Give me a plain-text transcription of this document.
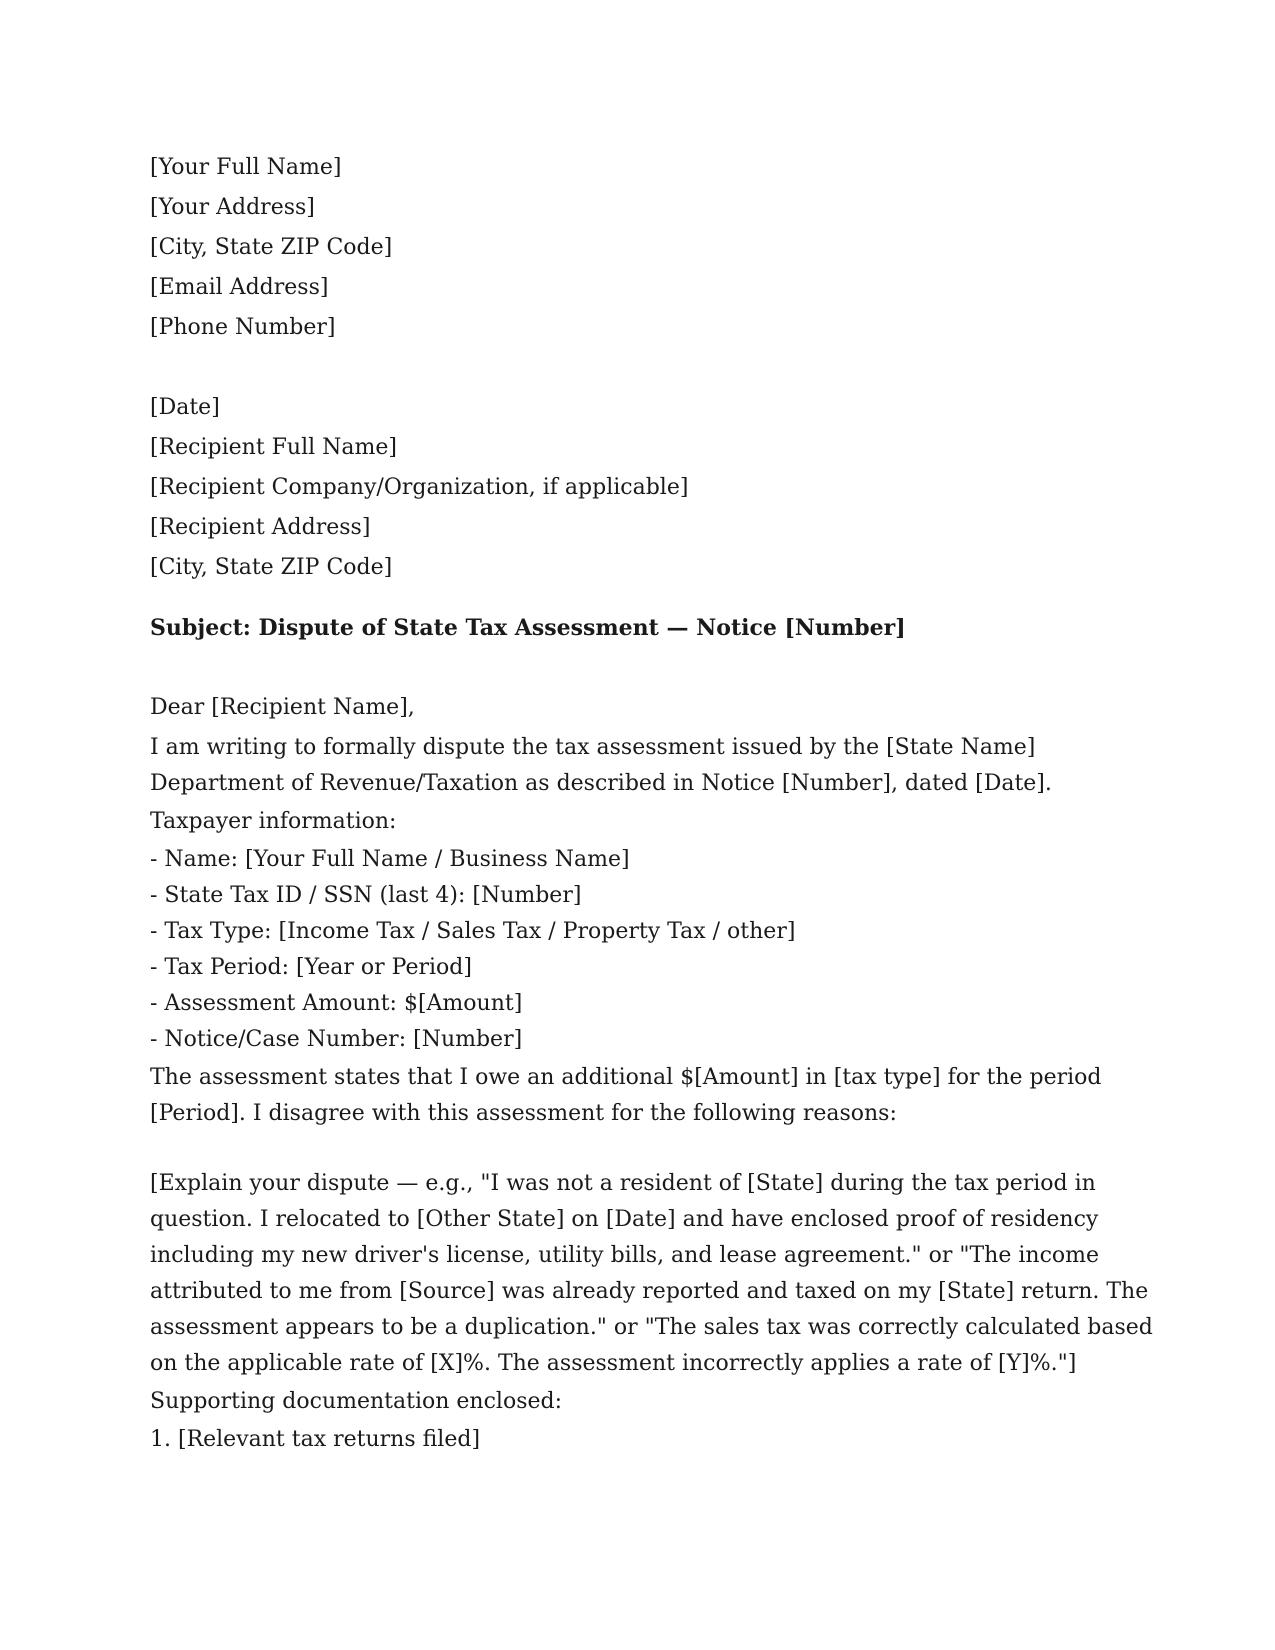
[Your Full Name]
[Your Address]
[City, State ZIP Code]
[Email Address]
[Phone Number]
[Date]
[Recipient Full Name]
[Recipient Company/Organization, if applicable]
[Recipient Address]
[City, State ZIP Code]
Subject: Dispute of State Tax Assessment — Notice [Number]
Dear [Recipient Name],
I am writing to formally dispute the tax assessment issued by the [State Name]
Department of Revenue/Taxation as described in Notice [Number], dated [Date].
Taxpayer information:
- Name: [Your Full Name / Business Name]
- State Tax ID / SSN (last 4): [Number]
- Tax Type: [Income Tax / Sales Tax / Property Tax / other]
- Tax Period: [Year or Period]
- Assessment Amount: $[Amount]
- Notice/Case Number: [Number]
The assessment states that I owe an additional $[Amount] in [tax type] for the period
[Period]. I disagree with this assessment for the following reasons:
[Explain your dispute — e.g., "I was not a resident of [State] during the tax period in
question. I relocated to [Other State] on [Date] and have enclosed proof of residency
including my new driver's license, utility bills, and lease agreement." or "The income
attributed to me from [Source] was already reported and taxed on my [State] return. The
assessment appears to be a duplication." or "The sales tax was correctly calculated based
on the applicable rate of [X]%. The assessment incorrectly applies a rate of [Y]%."]
Supporting documentation enclosed:
1. [Relevant tax returns filed]
